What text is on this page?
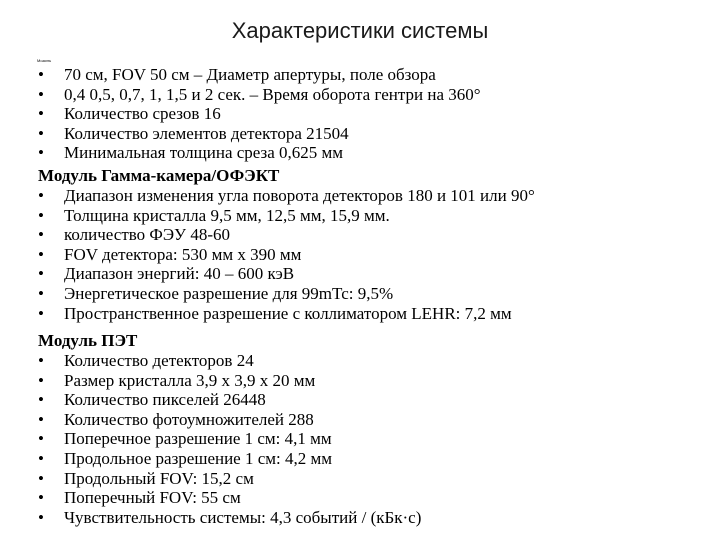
Характеристики системы
Модуль
•	70 см, FOV 50 см – Диаметр апертуры, поле обзора
•	0,4 0,5, 0,7, 1, 1,5 и 2 сек. – Время оборота гентри на 360°
•	Количество срезов 16
•	Количество элементов детектора 21504
•	Минимальная толщина среза 0,625 мм
Модуль Гамма-камера/ОФЭКТ
•	Диапазон изменения угла поворота детекторов 180 и 101 или 90°
•	Толщина кристалла 9,5 мм, 12,5 мм, 15,9 мм.
•	количество ФЭУ 48-60
•	FOV детектора: 530 мм x 390 мм
•	Диапазон энергий: 40 – 600 кэВ
•	Энергетическое разрешение для 99mTc: 9,5%
•	Пространственное разрешение с коллиматором LEHR: 7,2 мм
Модуль ПЭТ
•	Количество детекторов 24
•	Размер кристалла 3,9 x 3,9 x 20 мм
•	Количество пикселей 26448
•	Количество фотоумножителей 288
•	Поперечное разрешение 1 см: 4,1 мм
•	Продольное разрешение 1 см: 4,2 мм
•	Продольный FOV: 15,2 см
•	Поперечный FOV: 55 см
•	Чувствительность системы: 4,3 событий / (кБк·с)
